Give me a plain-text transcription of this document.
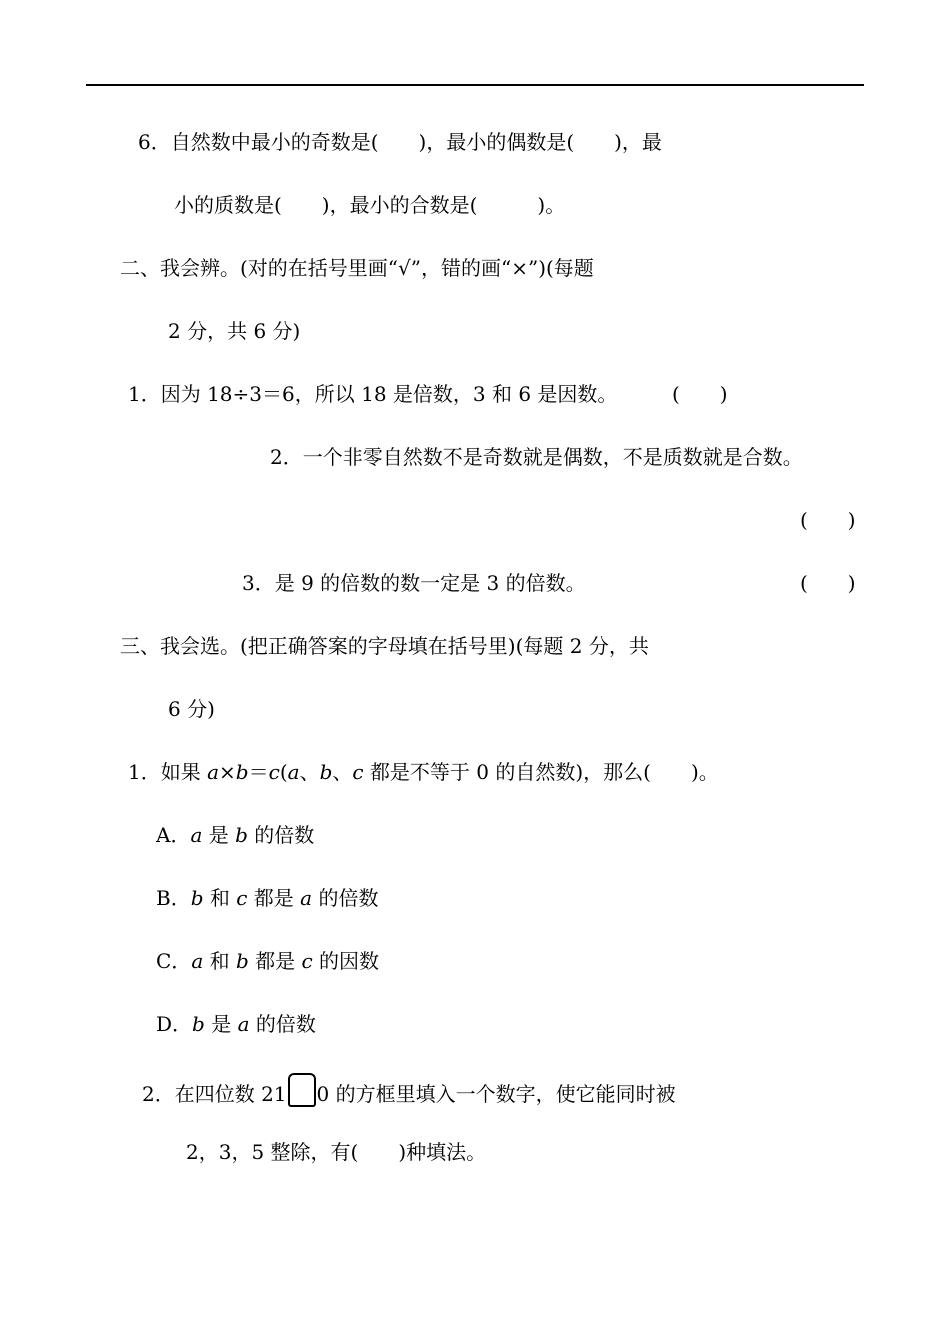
6．自然数中最小的奇数是(　　)，最小的偶数是(　　)，最
小的质数是(　　)，最小的合数是(　　　)。
二、我会辨。(对的在括号里画“√”，错的画“×”)(每题
2 分，共 6 分)
1．因为 18÷3＝6，所以 18 是倍数，3 和 6 是因数。	(　　)
2．一个非零自然数不是奇数就是偶数，不是质数就是合数。
(　　)
3．是 9 的倍数的数一定是 3 的倍数。	(　　)
三、我会选。(把正确答案的字母填在括号里)(每题 2 分，共
6 分)
1．如果 a×b＝c(a、b、c 都是不等于 0 的自然数)，那么(　　)。
A．a 是 b 的倍数
B．b 和 c 都是 a 的倍数
C．a 和 b 都是 c 的因数
D．b 是 a 的倍数
2．在四位数 21 0 的方框里填入一个数字，使它能同时被
2，3，5 整除，有(　　)种填法。
